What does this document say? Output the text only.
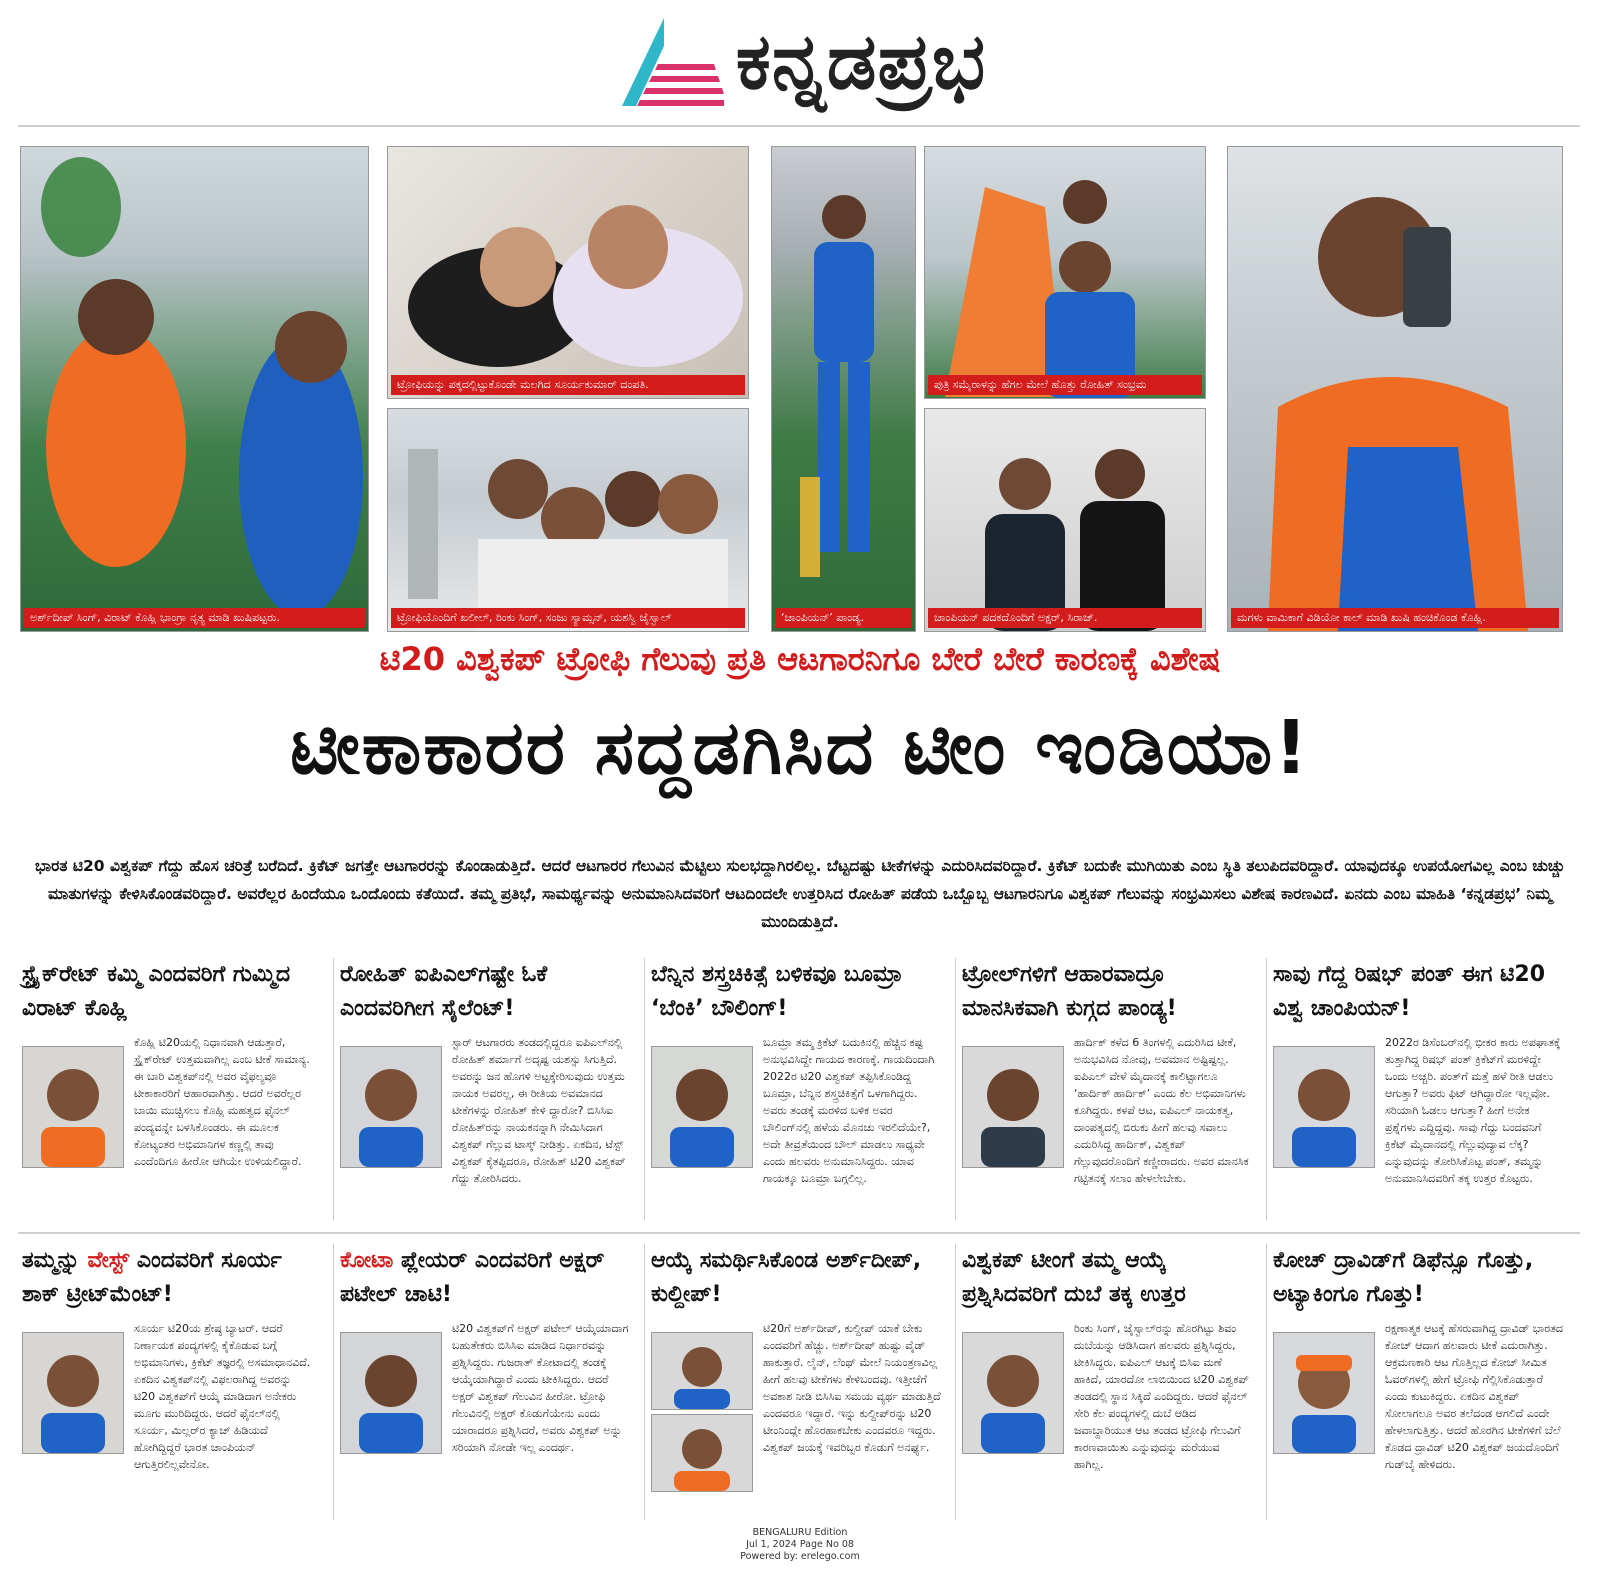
ಕನ್ನಡಪ್ರಭ
ಅರ್ಶ್‌ದೀಪ್ ಸಿಂಗ್, ವಿರಾಟ್ ಕೊಹ್ಲಿ ಭಾಂಗ್ರಾ ನೃತ್ಯ ಮಾಡಿ ಖುಷಿಪಟ್ಟರು.
ಟ್ರೋಫಿಯನ್ನು ಪಕ್ಕದಲ್ಲಿಟ್ಟುಕೊಂಡೇ ಮಲಗಿದ ಸೂರ್ಯಕುಮಾರ್ ದಂಪತಿ.
ಟ್ರೋಫಿಯೊಂದಿಗೆ ಖಲೀಲ್, ರಿಂಕು ಸಿಂಗ್, ಸಂಜು ಸ್ಯಾಮ್ಸನ್, ಯಶಸ್ವಿ ಜೈಸ್ವಾಲ್	‘ಚಾಂಪಿಯನ್’ ಪಾಂಡ್ಯ.
ಪುತ್ರಿ ಸಮೈರಾಳನ್ನು ಹೆಗಲ ಮೇಲೆ ಹೊತ್ತು ರೋಹಿತ್ ಸಂಭ್ರಮ
ಚಾಂಪಿಯನ್ ಪದಕದೊಂದಿಗೆ ಅಕ್ಷರ್, ಸಿರಾಜ್.	ಮಗಳು ವಾಮಿಕಾಗೆ ವಿಡಿಯೋ ಕಾಲ್ ಮಾಡಿ ಖುಷಿ ಹಂಚಿಕೊಂಡ ಕೊಹ್ಲಿ.
ಟಿ20 ವಿಶ್ವಕಪ್ ಟ್ರೋಫಿ ಗೆಲುವು ಪ್ರತಿ ಆಟಗಾರನಿಗೂ ಬೇರೆ ಬೇರೆ ಕಾರಣಕ್ಕೆ ವಿಶೇಷ
ಟೀಕಾಕಾರರ ಸದ್ದಡಗಿಸಿದ ಟೀಂ ಇಂಡಿಯಾ!
ಭಾರತ ಟಿ20 ವಿಶ್ವಕಪ್ ಗೆದ್ದು ಹೊಸ ಚರಿತ್ರೆ ಬರೆದಿದೆ. ಕ್ರಿಕೆಟ್ ಜಗತ್ತೇ ಆಟಗಾರರನ್ನು ಕೊಂಡಾಡುತ್ತಿದೆ. ಆದರೆ ಆಟಗಾರರ ಗೆಲುವಿನ ಮೆಟ್ಟಿಲು ಸುಲಭದ್ದಾಗಿರಲಿಲ್ಲ. ಬೆಟ್ಟದಷ್ಟು ಟೀಕೆಗಳನ್ನು ಎದುರಿಸಿದವರಿದ್ದಾರೆ. ಕ್ರಿಕೆಟ್ ಬದುಕೇ ಮುಗಿಯಿತು ಎಂಬ ಸ್ಥಿತಿ ತಲುಪಿದವರಿದ್ದಾರೆ. ಯಾವುದಕ್ಕೂ ಉಪಯೋಗವಿಲ್ಲ ಎಂಬ ಚುಚ್ಚು ಮಾತುಗಳನ್ನು ಕೇಳಿಸಿಕೊಂಡವರಿದ್ದಾರೆ. ಅವರೆಲ್ಲರ ಹಿಂದೆಯೂ ಒಂದೊಂದು ಕತೆಯಿದೆ. ತಮ್ಮ ಪ್ರತಿಭೆ, ಸಾಮರ್ಥ್ಯವನ್ನು ಅನುಮಾನಿಸಿದವರಿಗೆ ಆಟದಿಂದಲೇ ಉತ್ತರಿಸಿದ ರೋಹಿತ್ ಪಡೆಯ ಒಬ್ಬೊಬ್ಬ ಆಟಗಾರನಿಗೂ ವಿಶ್ವಕಪ್ ಗೆಲುವನ್ನು ಸಂಭ್ರಮಿಸಲು ವಿಶೇಷ ಕಾರಣವಿದೆ. ಏನದು ಎಂಬ ಮಾಹಿತಿ ‘ಕನ್ನಡಪ್ರಭ’ ನಿಮ್ಮ ಮುಂದಿಡುತ್ತಿದೆ.
ಸ್ಟ್ರೈಕ್‌ರೇಟ್ ಕಮ್ಮಿ ಎಂದವರಿಗೆ ಗುಮ್ಮಿದ ವಿರಾಟ್ ಕೊಹ್ಲಿ
ಕೊಹ್ಲಿ ಟಿ20ಯಲ್ಲಿ ನಿಧಾನವಾಗಿ ಆಡುತ್ತಾರೆ, ಸ್ಟ್ರೈಕ್‌ರೇಟ್ ಉತ್ತಮವಾಗಿಲ್ಲ ಎಂಬ ಟೀಕೆ ಸಾಮಾನ್ಯ. ಈ ಬಾರಿ ವಿಶ್ವಕಪ್‌ನಲ್ಲಿ ಅವರ ವೈಫಲ್ಯವೂ ಟೀಕಾಕಾರರಿಗೆ ಆಹಾರವಾಗಿತ್ತು. ಆದರೆ ಅವರೆಲ್ಲರ ಬಾಯಿ ಮುಚ್ಚಿಸಲು ಕೊಹ್ಲಿ ಮಹತ್ವದ ಫೈನಲ್ ಪಂದ್ಯವನ್ನೇ ಬಳಸಿಕೊಂಡರು. ಈ ಮೂಲಕ ಕೋಟ್ಯಂತರ ಅಭಿಮಾನಿಗಳ ಕಣ್ಣಲ್ಲಿ ತಾವು ಎಂದೆಂದಿಗೂ ಹೀರೋ ಆಗಿಯೇ ಉಳಿಯಲಿದ್ದಾರೆ.
ರೋಹಿತ್ ಐಪಿಎಲ್‌ಗಷ್ಟೇ ಓಕೆ ಎಂದವರಿಗೀಗ ಸೈಲೆಂಟ್!
ಸ್ಟಾರ್ ಆಟಗಾರರು ತಂಡದಲ್ಲಿದ್ದರೂ ಐಪಿಎಲ್‌ನಲ್ಲಿ ರೋಹಿತ್ ಶರ್ಮಾಗೆ ಅದೃಷ್ಟ ಯಶಸ್ಸು ಸಿಗುತ್ತಿದೆ. ಅವರನ್ನು ಜನ ಹೊಗಳಿ ಅಟ್ಟಕ್ಕೇರಿಸುವುದು ಉತ್ತಮ ನಾಯಕ ಅವರಲ್ಲ, ಈ ರೀತಿಯ ಅವಮಾನದ ಟೀಕೆಗಳನ್ನು ರೋಹಿತ್ ಕೇಳಿ ದ್ದಾರೋ? ಬಿಸಿಸಿಐ ರೋಹಿತ್‌ರನ್ನು ನಾಯಕನನ್ನಾಗಿ ನೇಮಿಸಿದಾಗ ವಿಶ್ವಕಪ್ ಗೆಲ್ಲುವ ಟಾಸ್ಕ್ ನೀಡಿತ್ತು. ಏಕದಿನ, ಟೆಸ್ಟ್ ವಿಶ್ವಕಪ್ ಕೈತಪ್ಪಿದರೂ, ರೋಹಿತ್ ಟಿ20 ವಿಶ್ವಕಪ್ ಗೆದ್ದು ತೋರಿಸಿದರು.
ಬೆನ್ನಿನ ಶಸ್ತ್ರಚಿಕಿತ್ಸೆ ಬಳಿಕವೂ ಬೂಮ್ರಾ ‘ಬೆಂಕಿ’ ಬೌಲಿಂಗ್!
ಬೂಮ್ರಾ ತಮ್ಮ ಕ್ರಿಕೆಟ್ ಬದುಕಿನಲ್ಲಿ ಹೆಚ್ಚಿನ ಕಷ್ಟ ಅನುಭವಿಸಿದ್ದೇ ಗಾಯದ ಕಾರಣಕ್ಕೆ. ಗಾಯದಿಂದಾಗಿ 2022ರ ಟಿ20 ವಿಶ್ವಕಪ್ ತಪ್ಪಿಸಿಕೊಂಡಿದ್ದ ಬೂಮ್ರಾ, ಬೆನ್ನಿನ ಶಸ್ತ್ರಚಿಕಿತ್ಸೆಗೆ ಒಳಗಾಗಿದ್ದರು. ಅವರು ತಂಡಕ್ಕೆ ಮರಳಿದ ಬಳಿಕ ಅವರ ಬೌಲಿಂಗ್‌ನಲ್ಲಿ ಹಳೆಯ ಮೊನಚು ಇರಲಿದೆಯೇ?, ಅದೇ ತೀವ್ರತೆಯಿಂದ ಬೌಲ್ ಮಾಡಲು ಸಾಧ್ಯವೇ ಎಂದು ಹಲವರು ಅನುಮಾನಿಸಿದ್ದರು. ಯಾವ ಗಾಯಕ್ಕೂ ಬೂಮ್ರಾ ಬಗ್ಗಲಿಲ್ಲ.
ಟ್ರೋಲ್‌ಗಳಿಗೆ ಆಹಾರವಾದ್ರೂ ಮಾನಸಿಕವಾಗಿ ಕುಗ್ಗದ ಪಾಂಡ್ಯ!
ಹಾರ್ದಿಕ್ ಕಳೆದ 6 ತಿಂಗಳಲ್ಲಿ ಎದುರಿಸಿದ ಟೀಕೆ, ಅನುಭವಿಸಿದ ನೋವು, ಅವಮಾನ ಅಷ್ಟಿಷ್ಟಲ್ಲ. ಐಪಿಎಲ್ ವೇಳೆ ಮೈದಾನಕ್ಕೆ ಕಾಲಿಟ್ಟಾಗಲೂ ‘ಹಾರ್ದಿಕ್ ಹಾರ್ದಿಕ್’ ಎಂದು ಕೆಲ ಅಭಿಮಾನಿಗಳು ಕೂಗಿದ್ದರು. ಕಳಪೆ ಆಟ, ಐಪಿಎಲ್ ನಾಯಕತ್ವ, ದಾಂಪತ್ಯದಲ್ಲಿ ಬಿರುಕು ಹೀಗೆ ಹಲವು ಸವಾಲು ಎದುರಿಸಿದ್ದ ಹಾರ್ದಿಕ್, ವಿಶ್ವಕಪ್ ಗೆಲ್ಲುವುದರೊಂದಿಗೆ ಕಣ್ಣೀರಾದರು. ಅವರ ಮಾನಸಿಕ ಗಟ್ಟಿತನಕ್ಕೆ ಸಲಾಂ ಹೇಳಲೇಬೇಕು.
ಸಾವು ಗೆದ್ದ ರಿಷಭ್ ಪಂತ್ ಈಗ ಟಿ20 ವಿಶ್ವ ಚಾಂಪಿಯನ್!
2022ರ ಡಿಸೆಂಬರ್‌ನಲ್ಲಿ ಭೀಕರ ಕಾರು ಅಪಘಾತಕ್ಕೆ ತುತ್ತಾಗಿದ್ದ ರಿಷಭ್ ಪಂತ್ ಕ್ರಿಕೆಟ್‌ಗೆ ಮರಳಿದ್ದೇ ಒಂದು ಅಚ್ಚರಿ. ಪಂತ್‌ಗೆ ಮತ್ತೆ ಹಳೆ ರೀತಿ ಆಡಲು ಆಗುತ್ತಾ? ಅವರು ಫಿಟ್ ಆಗಿದ್ದಾರೋ ಇಲ್ಲವೋ. ಸರಿಯಾಗಿ ಓಡಲು ಆಗುತ್ತಾ? ಹೀಗೆ ಅನೇಕ ಪ್ರಶ್ನೆಗಳು ಎದ್ದಿದ್ದವು. ಸಾವು ಗೆದ್ದು ಬಂದವನಿಗೆ ಕ್ರಿಕೆಟ್ ಮೈದಾನದಲ್ಲಿ ಗೆಲ್ಲುವುದ್ಯಾವ ಲೆಕ್ಕ? ಎನ್ನುವುದನ್ನು ತೋರಿಸಿಕೊಟ್ಟ ಪಂತ್, ತಮ್ಮನ್ನು ಅನುಮಾನಿಸಿದವರಿಗೆ ತಕ್ಕ ಉತ್ತರ ಕೊಟ್ಟರು.
ತಮ್ಮನ್ನು ವೇಸ್ಟ್ ಎಂದವರಿಗೆ ಸೂರ್ಯ ಶಾಕ್ ಟ್ರೀಟ್‌ಮೆಂಟ್!
ಸೂರ್ಯ ಟಿ20ಯ ಶ್ರೇಷ್ಠ ಬ್ಯಾಟರ್. ಆದರೆ ನಿರ್ಣಾಯಕ ಪಂದ್ಯಗಳಲ್ಲಿ ಕೈಕೊಡುವ ಬಗ್ಗೆ ಅಭಿಮಾನಿಗಳು, ಕ್ರಿಕೆಟ್ ತಜ್ಞರಲ್ಲಿ ಅಸಮಾಧಾನವಿದೆ. ಏಕದಿನ ವಿಶ್ವಕಪ್‌ನಲ್ಲಿ ವಿಫಲರಾಗಿದ್ದ ಅವರನ್ನು ಟಿ20 ವಿಶ್ವಕಪ್‌ಗೆ ಆಯ್ಕೆ ಮಾಡಿದಾಗ ಅನೇಕರು ಮೂಗು ಮುರಿದಿದ್ದರು. ಆದರೆ ಫೈನಲ್‌ನಲ್ಲಿ ಸೂರ್ಯ, ಮಿಲ್ಲರ್‌ರ ಕ್ಯಾಚ್ ಹಿಡಿಯದೆ ಹೋಗಿದ್ದಿದ್ದರೆ ಭಾರತ ಚಾಂಪಿಯನ್ ಆಗುತ್ತಿರಲಿಲ್ಲವೇನೋ.
ಕೋಟಾ ಪ್ಲೇಯರ್ ಎಂದವರಿಗೆ ಅಕ್ಷರ್ ಪಟೇಲ್ ಚಾಟಿ!
ಟಿ20 ವಿಶ್ವಕಪ್‌ಗೆ ಅಕ್ಷರ್ ಪಟೇಲ್ ಆಯ್ಕೆಯಾದಾಗ ಬಹುತೇಕರು ಬಿಸಿಸಿಐ ಮಾಡಿದ ನಿರ್ಧಾರವನ್ನು ಪ್ರಶ್ನಿಸಿದ್ದರು. ಗುಜರಾತ್ ಕೋಟಾದಲ್ಲಿ ತಂಡಕ್ಕೆ ಆಯ್ಕೆಯಾಗಿದ್ದಾರೆ ಎಂದು ಟೀಕಿಸಿದ್ದರು. ಆದರೆ ಅಕ್ಷರ್ ವಿಶ್ವಕಪ್ ಗೆಲುವಿನ ಹೀರೋ. ಟ್ರೋಫಿ ಗೆಲುವಿನಲ್ಲಿ ಅಕ್ಷರ್ ಕೊಡುಗೆಯೇನು ಎಂದು ಯಾರಾದರೂ ಪ್ರಶ್ನಿಸಿದರೆ, ಅವರು ವಿಶ್ವಕಪ್ ಅನ್ನು ಸರಿಯಾಗಿ ನೋಡೇ ಇಲ್ಲ ಎಂದರ್ಥ.
ಆಯ್ಕೆ ಸಮರ್ಥಿಸಿಕೊಂಡ ಅರ್ಶ್‌ದೀಪ್, ಕುಲ್ದೀಪ್!
ಟಿ20ಗೆ ಅರ್ಶ್‌ದೀಪ್, ಕುಲ್ದೀಪ್ ಯಾಕೆ ಬೇಕು ಎಂದವರಿಗೆ ಹೆಚ್ಚು. ಅರ್ಶ್‌ದೀಪ್ ಹುಷ್ಟು ವೈಡ್ ಹಾಕುತ್ತಾರೆ. ಲೈನ್, ಲೆಂಥ್ ಮೇಲೆ ನಿಯಂತ್ರಣವಿಲ್ಲ ಹೀಗೆ ಹಲವು ಟೀಕೆಗಳು ಕೇಳಿಬಂದವು. ಇತ್ತೀಚೆಗೆ ಅವಕಾಶ ನೀಡಿ ಬಿಸಿಸಿಐ ಸಮಯ ವ್ಯರ್ಥ ಮಾಡುತ್ತಿದೆ ಎಂದವರೂ ಇದ್ದಾರೆ. ಇನ್ನು ಕುಲ್ದೀಪ್‌ರನ್ನು ಟಿ20 ಟೀಂನಿಂದ್ಲೇ ಹೊರಹಾಕಬೇಕು ಎಂದವರೂ ಇದ್ದರು. ವಿಶ್ವಕಪ್ ಜಯಕ್ಕೆ ಇವರಿಬ್ಬರ ಕೊಡುಗೆ ಅನರ್ಘ್ಯ.
ವಿಶ್ವಕಪ್ ಟೀಂಗೆ ತಮ್ಮ ಆಯ್ಕೆ ಪ್ರಶ್ನಿಸಿದವರಿಗೆ ದುಬೆ ತಕ್ಕ ಉತ್ತರ
ರಿಂಕು ಸಿಂಗ್, ಜೈಸ್ವಾಲ್‌ರನ್ನು ಹೊರಗಿಟ್ಟು ಶಿವಂ ದುಬೆಯನ್ನು ಆಡಿಸಿದಾಗ ಹಲವರು ಪ್ರಶ್ನಿಸಿದ್ದರು, ಟೀಕಿಸಿದ್ದರು. ಐಪಿಎಲ್ ಆಟಕ್ಕೆ ಬಿಸಿಐ ಮಣೆ ಹಾಕಿದೆ, ಯಾರದೋ ಲಾಬಿಯಿಂದ ಟಿ20 ವಿಶ್ವಕಪ್ ತಂಡದಲ್ಲಿ ಸ್ಥಾನ ಸಿಕ್ಕಿದೆ ಎಂದಿದ್ದರು. ಆದರೆ ಫೈನಲ್ ಸೇರಿ ಕೆಲ ಪಂದ್ಯಗಳಲ್ಲಿ ದುಬೆ ಆಡಿದ ಜವಾಬ್ದಾರಿಯುತ ಆಟ ತಂಡದ ಟ್ರೋಫಿ ಗೆಲುವಿಗೆ ಕಾರಣವಾಯಿತು ಎನ್ನುವುದನ್ನು ಮರೆಯುವ ಹಾಗಿಲ್ಲ.
ಕೋಚ್ ದ್ರಾವಿಡ್‌ಗೆ ಡಿಫೆನ್ಸೂ ಗೊತ್ತು, ಅಟ್ಯಾಕಿಂಗೂ ಗೊತ್ತು!
ರಕ್ಷಣಾತ್ಮಕ ಆಟಕ್ಕೆ ಹೆಸರುವಾಗಿದ್ದ ದ್ರಾವಿಡ್ ಭಾರತದ ಕೋಚ್ ಆದಾಗ ಹಲವಾರು ಟೀಕೆ ಎದುರಾಗಿತ್ತು. ಆಕ್ರಮಣಕಾರಿ ಆಟ ಗೊತ್ತಿಲ್ಲದ ಕೋಚ್ ಸೀಮಿತ ಓವರ್‌ಗಳಲ್ಲಿ ಹೇಗೆ ಟ್ರೋಫಿ ಗೆಲ್ಲಿಸಿಕೊಡುತ್ತಾರೆ ಎಂದು ಕುಟುಕಿದ್ದರು. ಏಕದಿನ ವಿಶ್ವಕಪ್ ಸೋಲಾಗಲೂ ಅವರ ತಲೆದಂಡ ಆಗಲಿದೆ ಎಂದೇ ಹೇಳಲಾಗುತ್ತಿತ್ತು. ಆದರೆ ಹೊರಗಿನ ಟೀಕೆಗಳಿಗೆ ಬೆಲೆ ಕೊಡದ ದ್ರಾವಿಡ್ ಟಿ20 ವಿಶ್ವಕಪ್ ಜಯದೊಂದಿಗೆ ಗುಡ್‌ಬೈ ಹೇಳಿದರು.
BENGALURU Edition
Jul 1, 2024 Page No 08
Powered by: erelego.com
